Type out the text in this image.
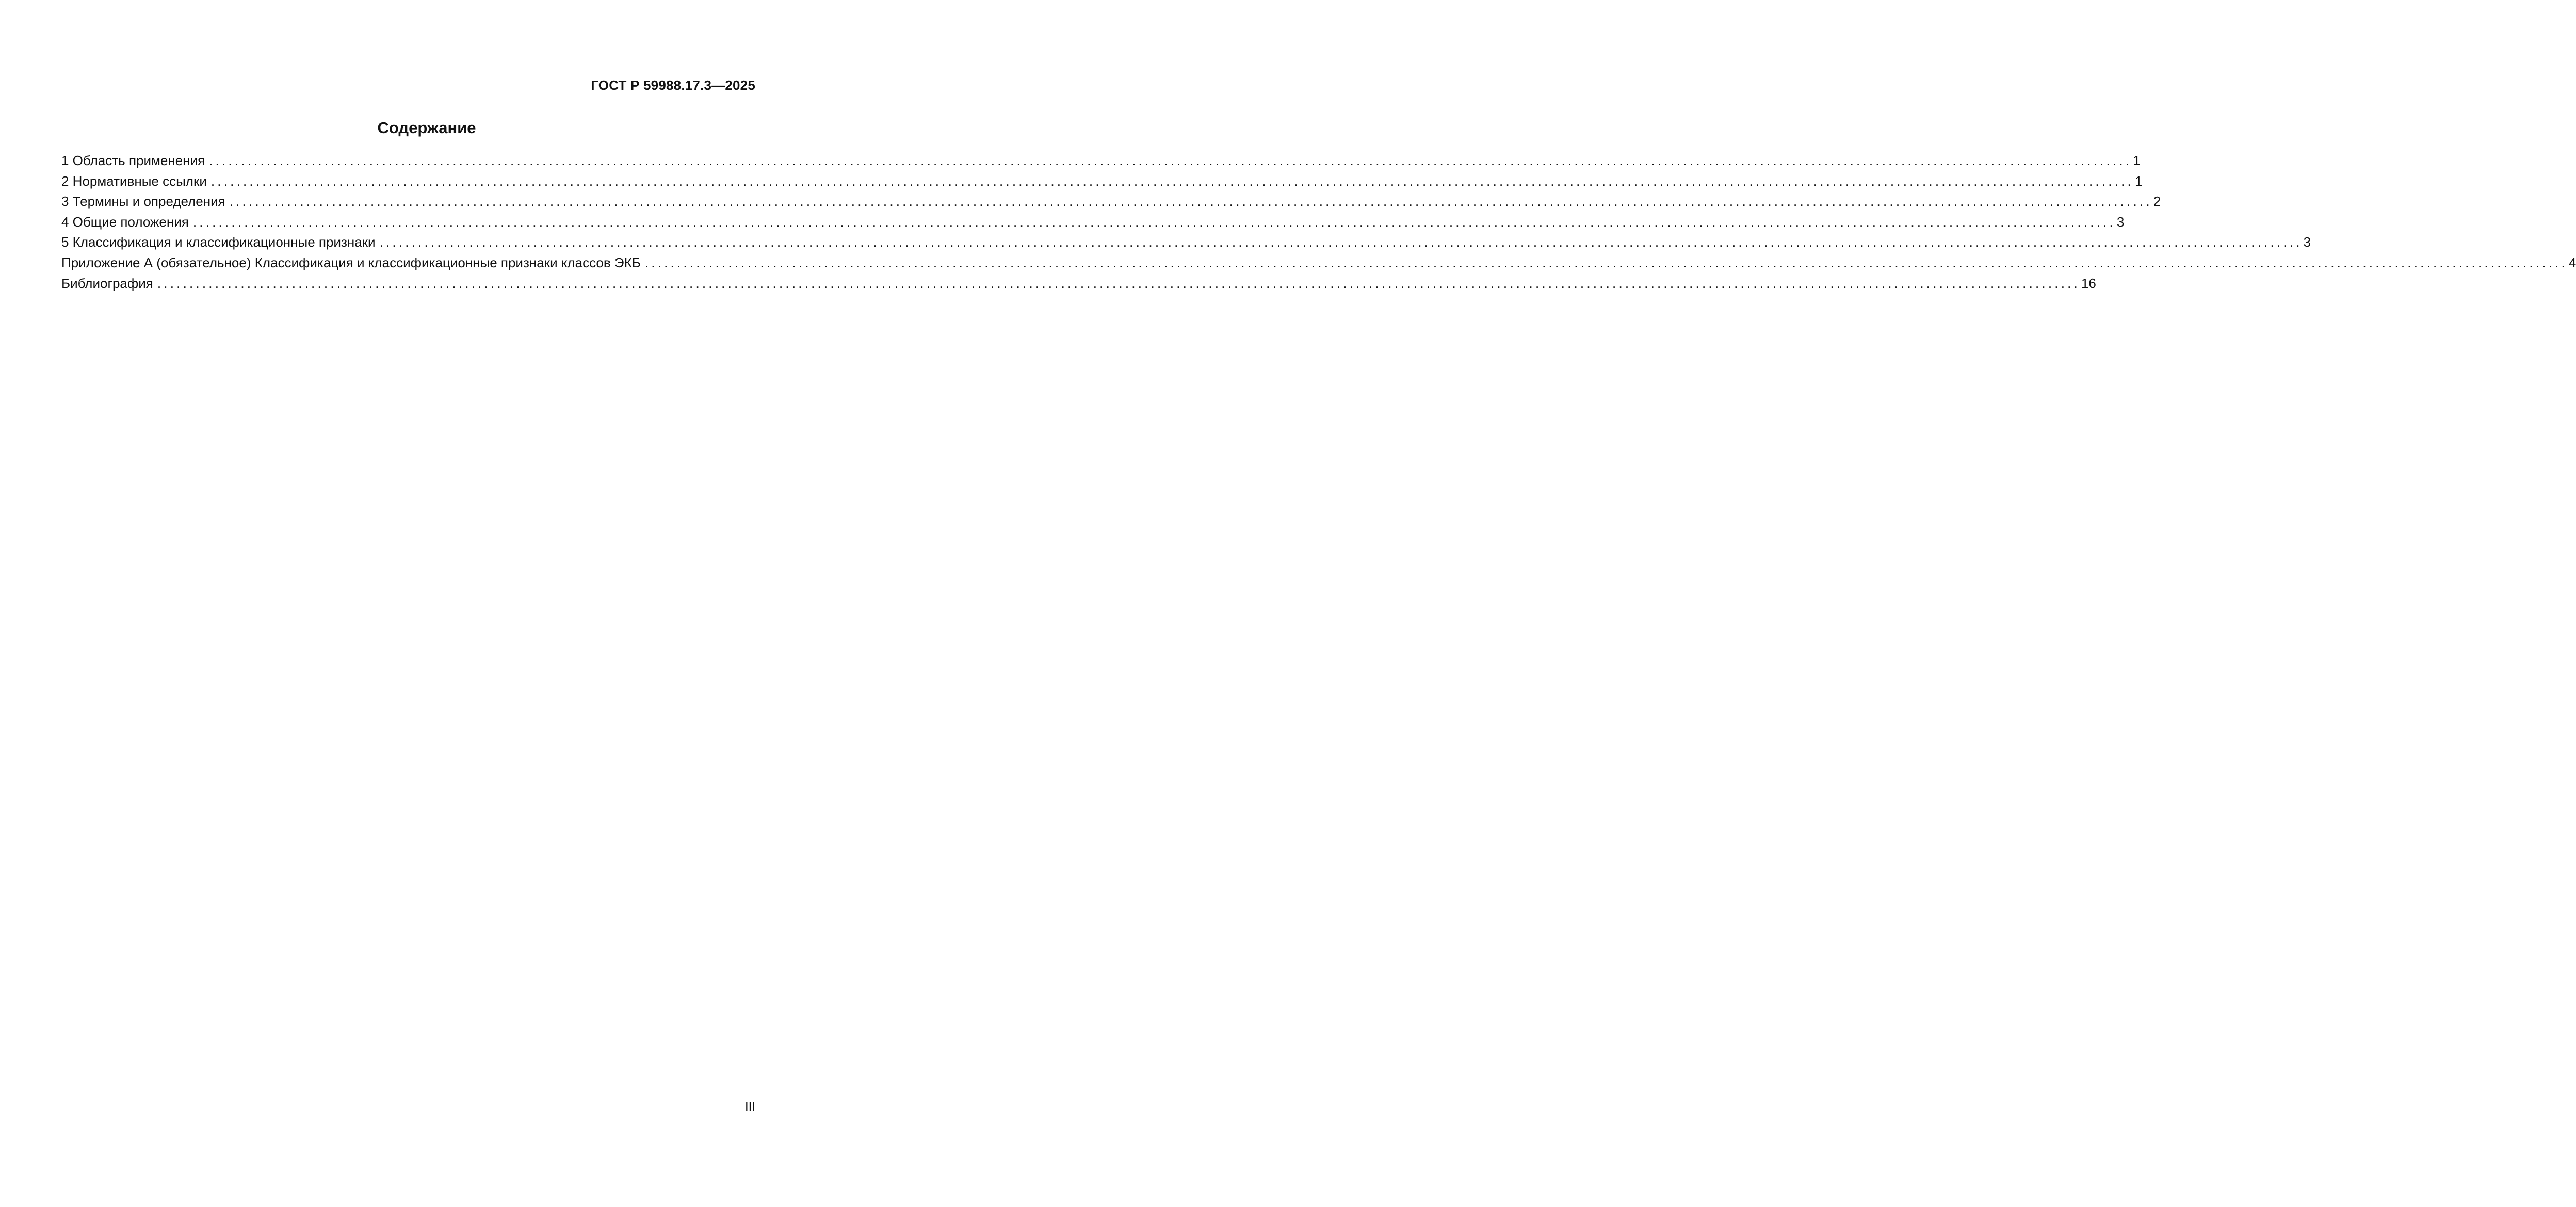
ГОСТ Р 59988.17.3—2025
Содержание
1 Область применения ............................................................................................................................................................................................................................................................................................................ 1
2 Нормативные ссылки ............................................................................................................................................................................................................................................................................................................ 1
3 Термины и определения ............................................................................................................................................................................................................................................................................................................ 2
4 Общие положения ............................................................................................................................................................................................................................................................................................................ 3
5 Классификация и классификационные признаки ............................................................................................................................................................................................................................................................................................................ 3
Приложение А (обязательное) Классификация и классификационные признаки классов ЭКБ ............................................................................................................................................................................................................................................................................................................ 4
Библиография ............................................................................................................................................................................................................................................................................................................ 16
III
